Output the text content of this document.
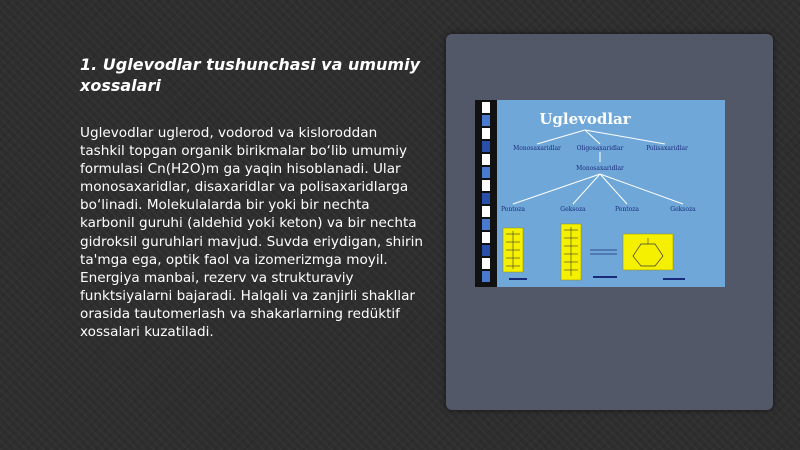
1. Uglevodlar tushunchasi va umumiy xossalari
Uglevodlar uglerod, vodorod va kisloroddan tashkil topgan organik birikmalar bo‘lib umumiy formulasi Cn(H2O)m ga yaqin hisoblanadi. Ular monosaxaridlar, disaxaridlar va polisaxaridlarga bo‘linadi. Molekulalarda bir yoki bir nechta karbonil guruhi (aldehid yoki keton) va bir nechta gidroksil guruhlari mavjud. Suvda eriydigan, shirin ta'mga ega, optik faol va izomerizmga moyil. Energiya manbai, rezerv va strukturaviy funktsiyalarni bajaradi. Halqali va zanjirli shakllar orasida tautomerlash va shakarlarning redüktif xossalari kuzatiladi.
Uglevodlar
Monosaxaridlar	Oligosaxaridlar	Polisaxaridlar
Monosaxaridlar
Pentoza	Geksoza	Pentoza	Geksoza
